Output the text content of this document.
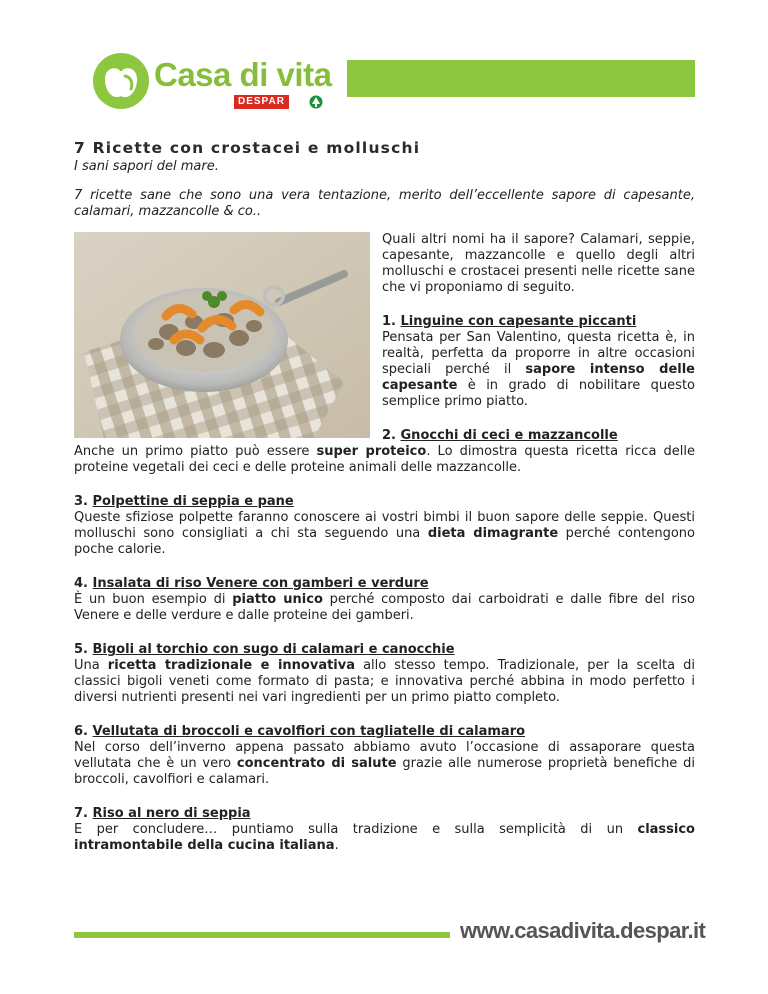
Casa di vita
DESPAR
7 Ricette con crostacei e molluschi

I sani sapori del mare.

7 ricette sane che sono una vera tentazione, merito dell’eccellente sapore di capesante, calamari, mazzancolle & co..

Quali altri nomi ha il sapore? Calamari, seppie, capesante, mazzancolle e quello degli altri molluschi e crostacei presenti nelle ricette sane che vi proponiamo di seguito.

1. Linguine con capesante piccanti

Pensata per San Valentino, questa ricetta è, in realtà, perfetta da proporre in altre occasioni speciali perché il sapore intenso delle capesante è in grado di nobilitare questo semplice primo piatto.

2. Gnocchi di ceci e mazzancolle

Anche un primo piatto può essere super proteico. Lo dimostra questa ricetta ricca delle proteine vegetali dei ceci e delle proteine animali delle mazzancolle.

3. Polpettine di seppia e pane

Queste sfiziose polpette faranno conoscere ai vostri bimbi il buon sapore delle seppie. Questi molluschi sono consigliati a chi sta seguendo una dieta dimagrante perché contengono poche calorie.

4. Insalata di riso Venere con gamberi e verdure

È un buon esempio di piatto unico perché composto dai carboidrati e dalle fibre del riso Venere e delle verdure e dalle proteine dei gamberi.

5. Bigoli al torchio con sugo di calamari e canocchie

Una ricetta tradizionale e innovativa allo stesso tempo. Tradizionale, per la scelta di classici bigoli veneti come formato di pasta; e innovativa perché abbina in modo perfetto i diversi nutrienti presenti nei vari ingredienti per un primo piatto completo.

6. Vellutata di broccoli e cavolfiori con tagliatelle di calamaro

Nel corso dell’inverno appena passato abbiamo avuto l’occasione di assaporare questa vellutata che è un vero concentrato di salute grazie alle numerose proprietà benefiche di broccoli, cavolfiori e calamari.

7. Riso al nero di seppia

E per concludere… puntiamo sulla tradizione e sulla semplicità di un classico intramontabile della cucina italiana.

www.casadivita.despar.it
